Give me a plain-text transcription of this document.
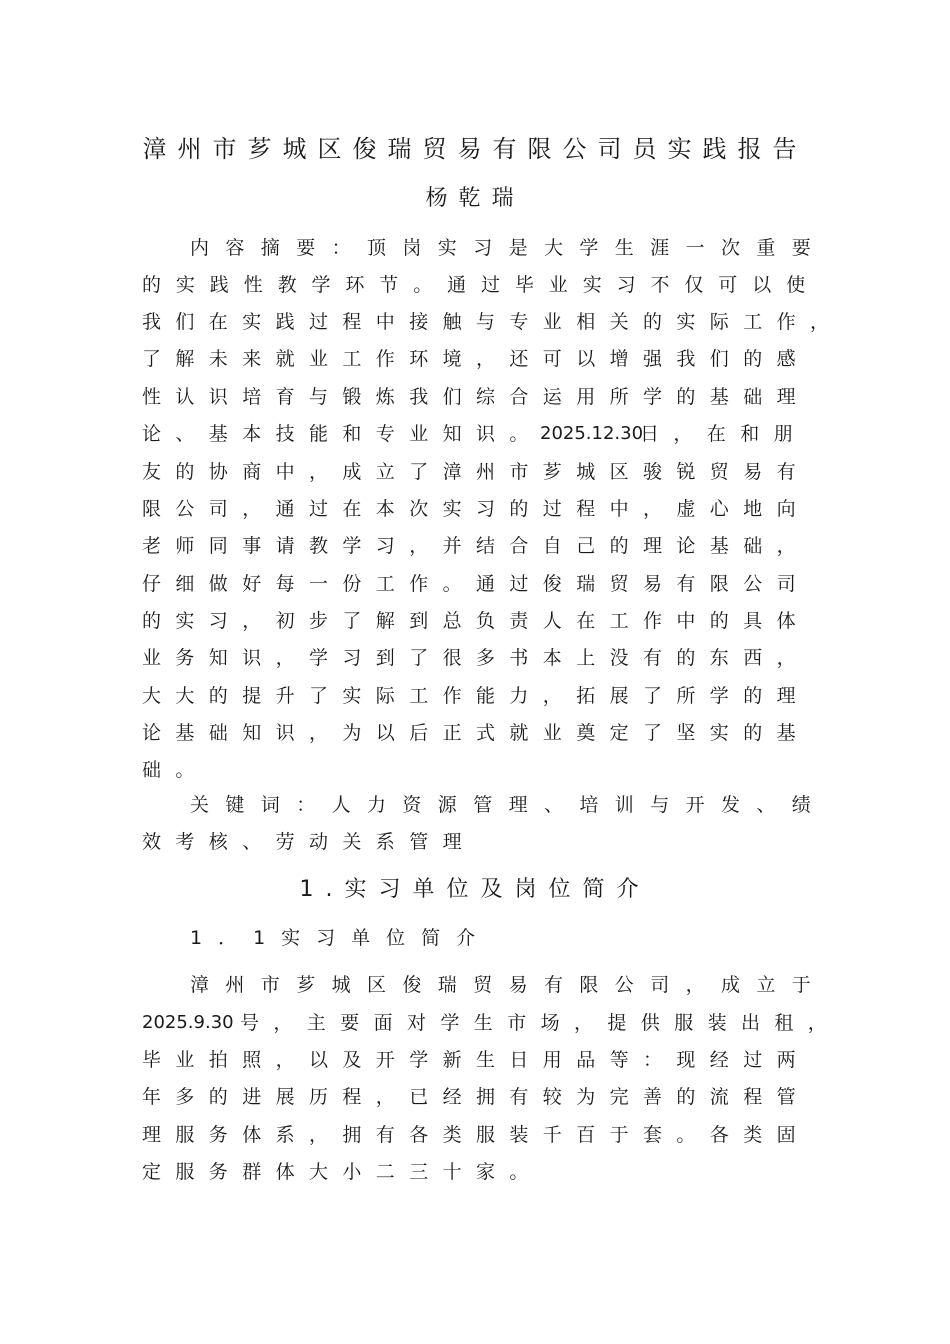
漳州市芗城区俊瑞贸易有限公司员实践报告
杨乾瑞
内容摘要：顶岗实习是大学生涯一次重要
的实践性教学环节。通过毕业实习不仅可以使
我们在实践过程中接触与专业相关的实际工作，
了解未来就业工作环境，还可以增强我们的感
性认识培育与锻炼我们综合运用所学的基础理
论、基本技能和专业知识。
2025.12.30
日，在和朋
友的协商中，成立了漳州市芗城区骏锐贸易有
限公司，通过在本次实习的过程中，虚心地向
老师同事请教学习，并结合自己的理论基础，
仔细做好每一份工作。通过俊瑞贸易有限公司
的实习，初步了解到总负责人在工作中的具体
业务知识，学习到了很多书本上没有的东西，
大大的提升了实际工作能力，拓展了所学的理
论基础知识，为以后正式就业奠定了坚实的基
础。
关键词：人力资源管理、培训与开发、绩
效考核、劳动关系管理
1.实习单位及岗位简介
1．1实习单位简介
漳州市芗城区俊瑞贸易有限公司，成立于
2025.9.30 号，主要面对学生市场，提供服装出租，
毕业拍照，以及开学新生日用品等：现经过两
年多的进展历程，已经拥有较为完善的流程管
理服务体系，拥有各类服装千百于套。各类固
定服务群体大小二三十家。
